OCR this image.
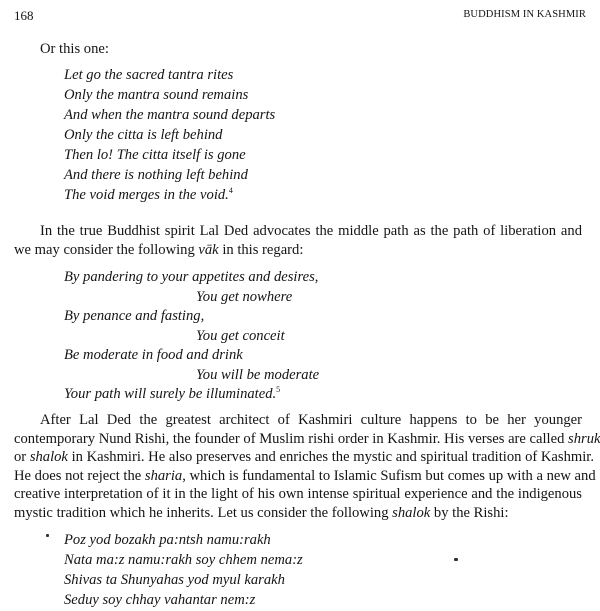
168	BUDDHISM IN KASHMIR
Or this one:
Let go the sacred tantra rites
Only the mantra sound remains
And when the mantra sound departs
Only the citta is left behind
Then lo! The citta itself is gone
And there is nothing left behind
The void merges in the void.$^4$
In the true Buddhist spirit Lal Ded advocates the middle path as the path of liberation and
we may consider the following vāk in this regard:
By pandering to your appetites and desires,
You get nowhere
By penance and fasting,
You get conceit
Be moderate in food and drink
You will be moderate
Your path will surely be illuminated.$^5$
After Lal Ded the greatest architect of Kashmiri culture happens to be her younger
contemporary Nund Rishi, the founder of Muslim rishi order in Kashmir. His verses are called shruk
or shalok in Kashmiri. He also preserves and enriches the mystic and spiritual tradition of Kashmir.
He does not reject the sharia, which is fundamental to Islamic Sufism but comes up with a new and
creative interpretation of it in the light of his own intense spiritual experience and the indigenous
mystic tradition which he inherits. Let us consider the following shalok by the Rishi:
Poz yod bozakh pa:ntsh namu:rakh
Nata ma:z namu:rakh soy chhem nema:z
Shivas ta Shunyahas yod myul karakh
Seduy soy chhay vahantar nem:z
